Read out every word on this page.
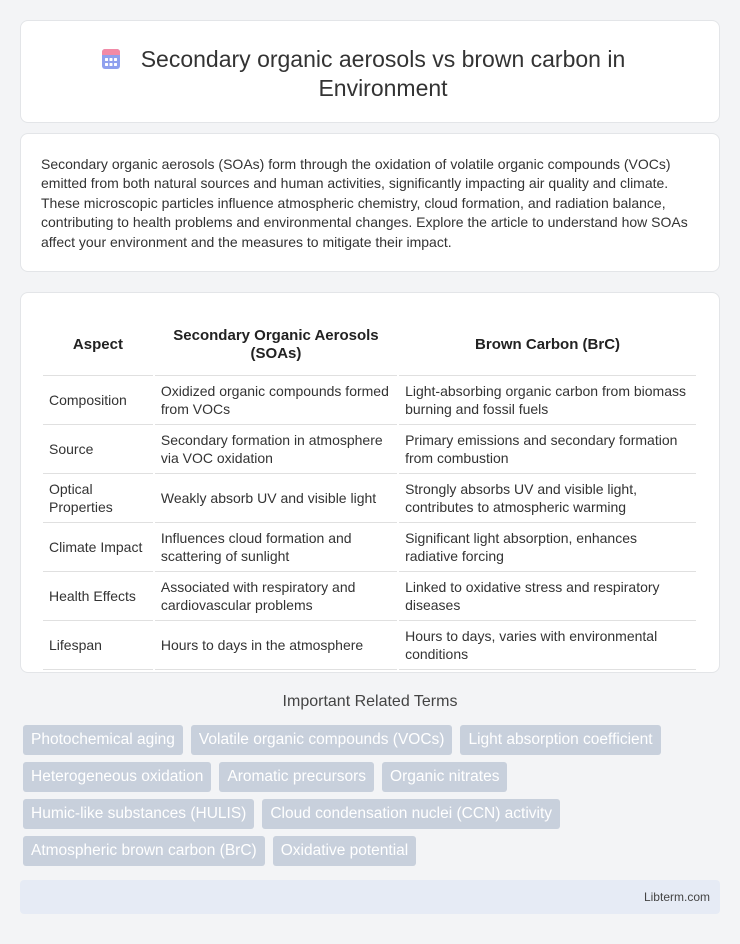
Secondary organic aerosols vs brown carbon in Environment

Secondary organic aerosols (SOAs) form through the oxidation of volatile organic compounds (VOCs) emitted from both natural sources and human activities, significantly impacting air quality and climate. These microscopic particles influence atmospheric chemistry, cloud formation, and radiation balance, contributing to health problems and environmental changes. Explore the article to understand how SOAs affect your environment and the measures to mitigate their impact.

Aspect	Secondary Organic Aerosols (SOAs)	Brown Carbon (BrC)
Composition	Oxidized organic compounds formed from VOCs	Light-absorbing organic carbon from biomass burning and fossil fuels
Source	Secondary formation in atmosphere via VOC oxidation	Primary emissions and secondary formation from combustion
Optical Properties	Weakly absorb UV and visible light	Strongly absorbs UV and visible light, contributes to atmospheric warming
Climate Impact	Influences cloud formation and scattering of sunlight	Significant light absorption, enhances radiative forcing
Health Effects	Associated with respiratory and cardiovascular problems	Linked to oxidative stress and respiratory diseases
Lifespan	Hours to days in the atmosphere	Hours to days, varies with environmental conditions
Important Related Terms
Photochemical aging	Volatile organic compounds (VOCs)	Light absorption coefficient
Heterogeneous oxidation	Aromatic precursors	Organic nitrates
Humic-like substances (HULIS)	Cloud condensation nuclei (CCN) activity
Atmospheric brown carbon (BrC)	Oxidative potential
Libterm.com
